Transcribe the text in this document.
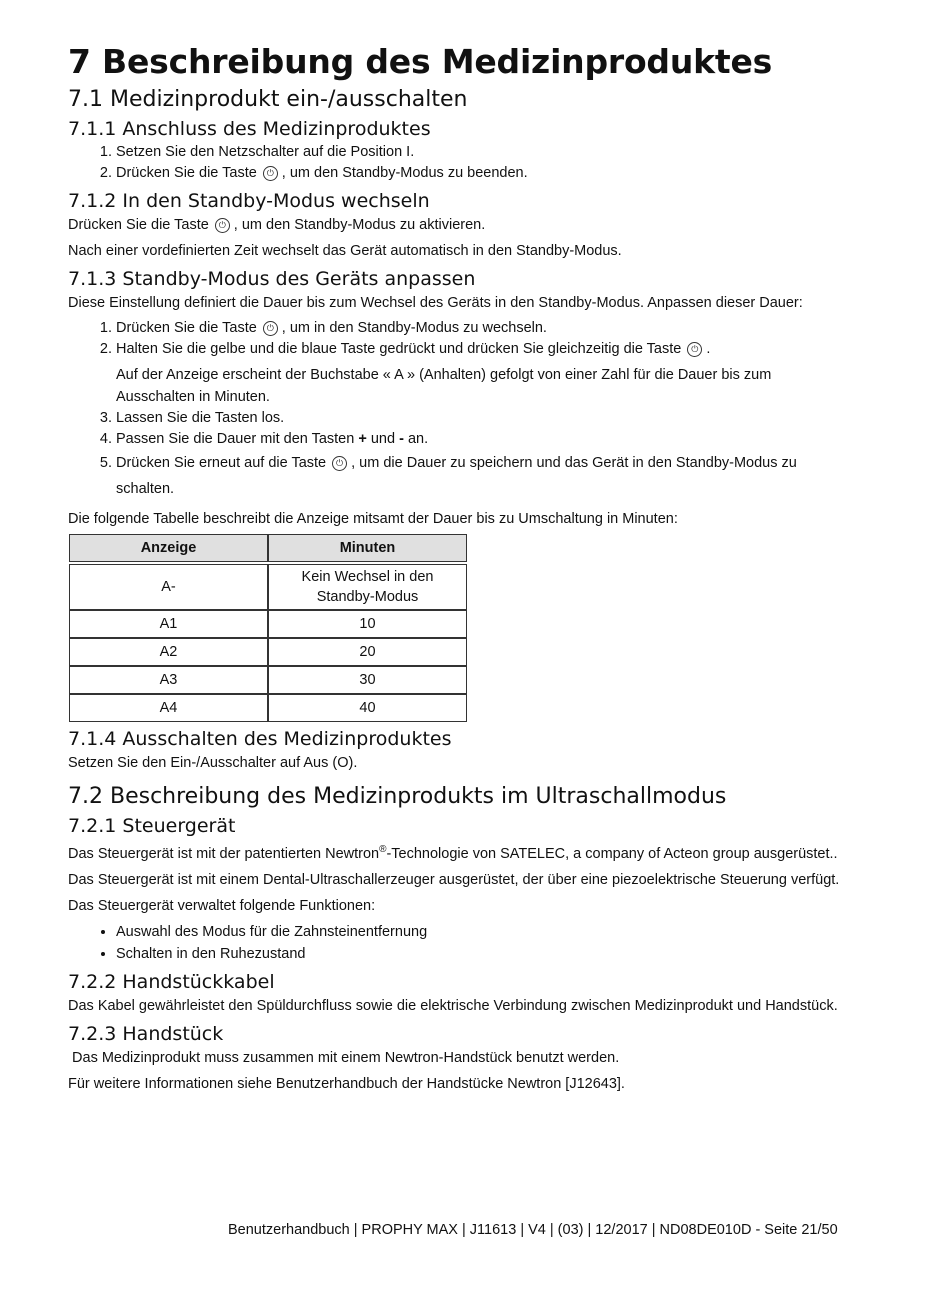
7 Beschreibung des Medizinproduktes
7.1 Medizinprodukt ein-/ausschalten
7.1.1 Anschluss des Medizinproduktes
1. Setzen Sie den Netzschalter auf die Position I.
2. Drücken Sie die Taste ⏻ , um den Standby-Modus zu beenden.
7.1.2 In den Standby-Modus wechseln

Drücken Sie die Taste ⏻ , um den Standby-Modus zu aktivieren.

Nach einer vordefinierten Zeit wechselt das Gerät automatisch in den Standby-Modus.

7.1.3 Standby-Modus des Geräts anpassen

Diese Einstellung definiert die Dauer bis zum Wechsel des Geräts in den Standby-Modus. Anpassen dieser Dauer:

1. Drücken Sie die Taste ⏻ , um in den Standby-Modus zu wechseln.
2. Halten Sie die gelbe und die blaue Taste gedrückt und drücken Sie gleichzeitig die Taste ⏻ .
Auf der Anzeige erscheint der Buchstabe « A » (Anhalten) gefolgt von einer Zahl für die Dauer bis zum Ausschalten in Minuten.
3. Lassen Sie die Tasten los.
4. Passen Sie die Dauer mit den Tasten + und - an.
5. Drücken Sie erneut auf die Taste ⏻ , um die Dauer zu speichern und das Gerät in den Standby-Modus zu schalten.

Die folgende Tabelle beschreibt die Anzeige mitsamt der Dauer bis zu Umschaltung in Minuten:

Anzeige	Minuten

A-	Kein Wechsel in den Standby-Modus
A1	10
A2	20
A3	30
A4	40
7.1.4 Ausschalten des Medizinproduktes

Setzen Sie den Ein-/Ausschalter auf Aus (O).

7.2 Beschreibung des Medizinprodukts im Ultraschallmodus
7.2.1 Steuergerät

Das Steuergerät ist mit der patentierten Newtron®-Technologie von SATELEC, a company of Acteon group ausgerüstet..

Das Steuergerät ist mit einem Dental-Ultraschallerzeuger ausgerüstet, der über eine piezoelektrische Steuerung verfügt.

Das Steuergerät verwaltet folgende Funktionen:

• Auswahl des Modus für die Zahnsteinentfernung
• Schalten in den Ruhezustand
7.2.2 Handstückkabel

Das Kabel gewährleistet den Spüldurchfluss sowie die elektrische Verbindung zwischen Medizinprodukt und Handstück.

7.2.3 Handstück

Das Medizinprodukt muss zusammen mit einem Newtron-Handstück benutzt werden.

Für weitere Informationen siehe Benutzerhandbuch der Handstücke Newtron [J12643].

Benutzerhandbuch | PROPHY MAX | J11613 | V4 | (03) | 12/2017 | ND08DE010D - Seite 21/50
